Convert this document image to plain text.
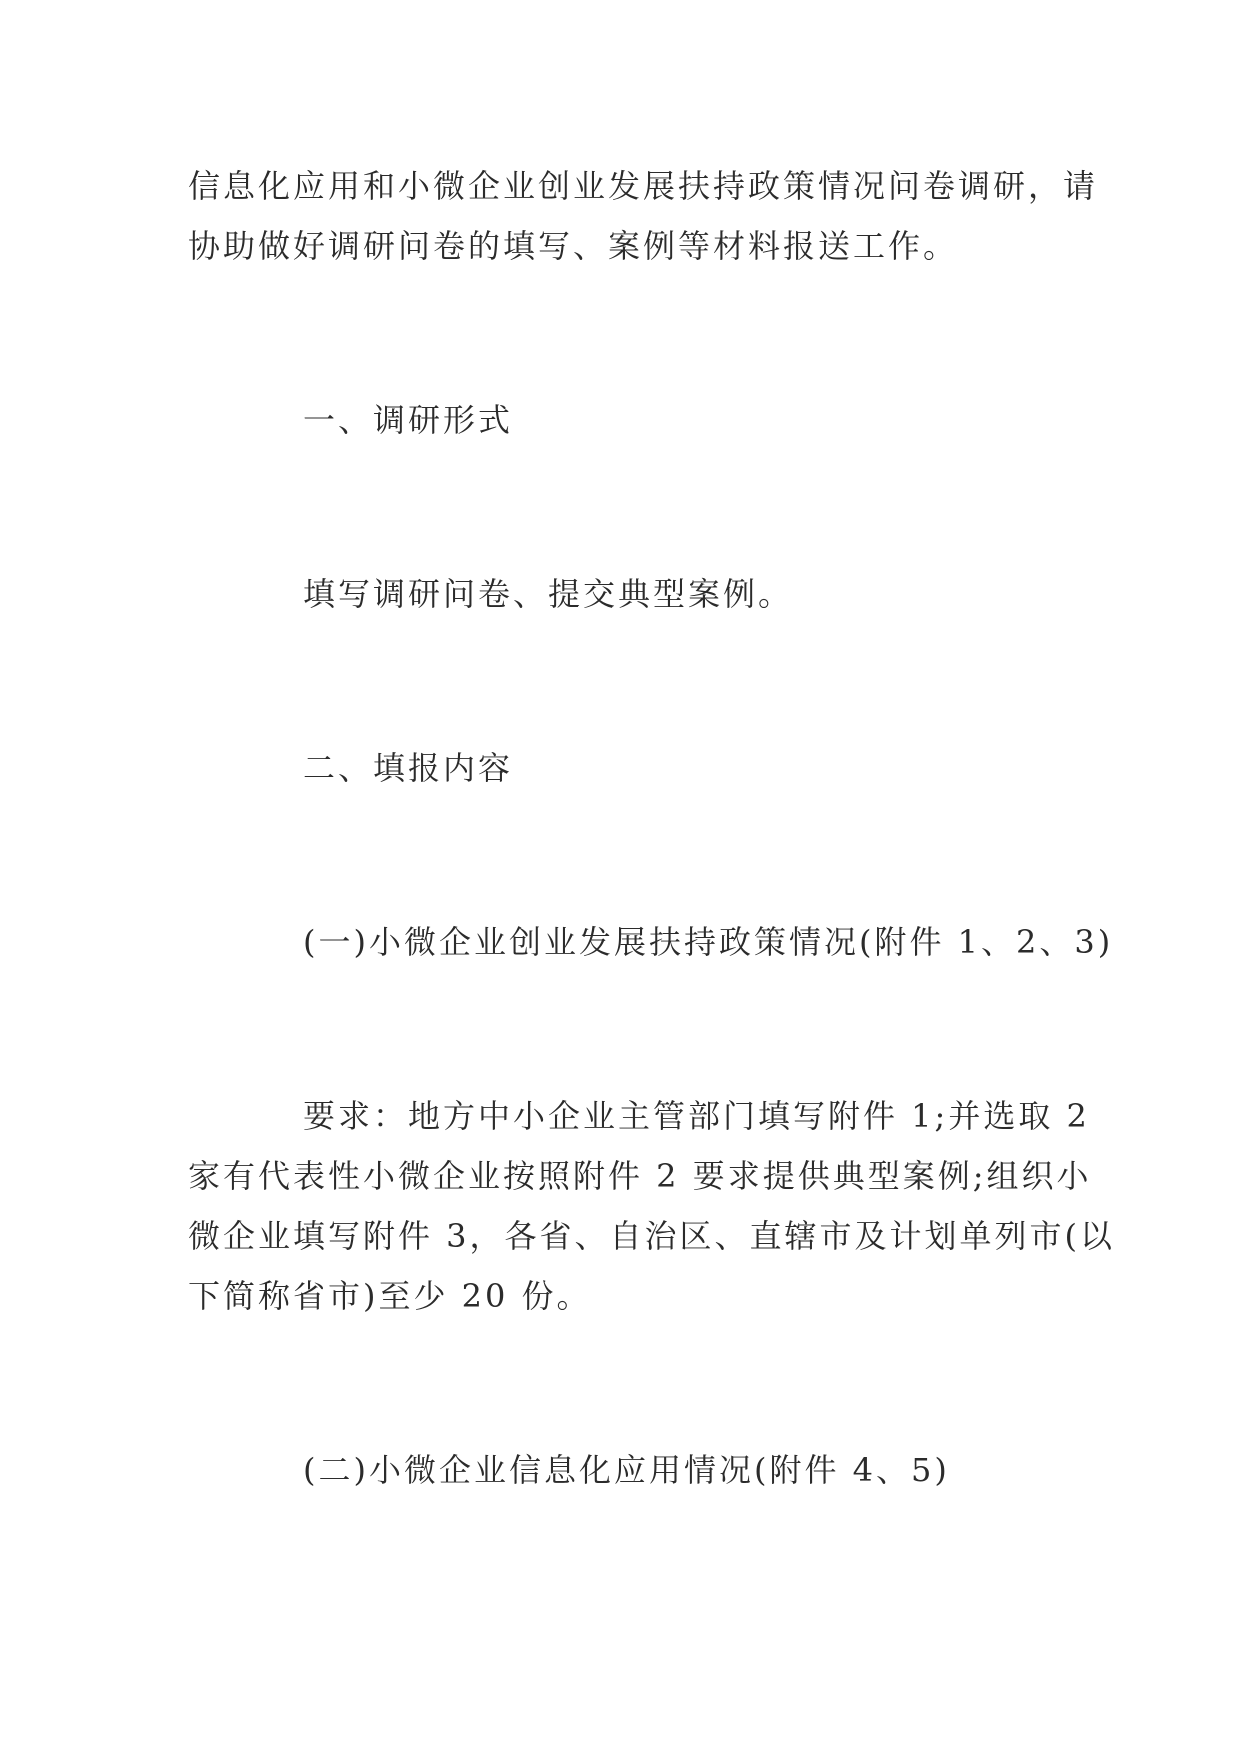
信息化应用和小微企业创业发展扶持政策情况问卷调研，请
协助做好调研问卷的填写、案例等材料报送工作。
一、调研形式
填写调研问卷、提交典型案例。
二、填报内容
(一)小微企业创业发展扶持政策情况(附件 1、2、3)
要求：地方中小企业主管部门填写附件 1;并选取 2
家有代表性小微企业按照附件 2 要求提供典型案例;组织小
微企业填写附件 3，各省、自治区、直辖市及计划单列市(以
下简称省市)至少 20 份。
(二)小微企业信息化应用情况(附件 4、5)
